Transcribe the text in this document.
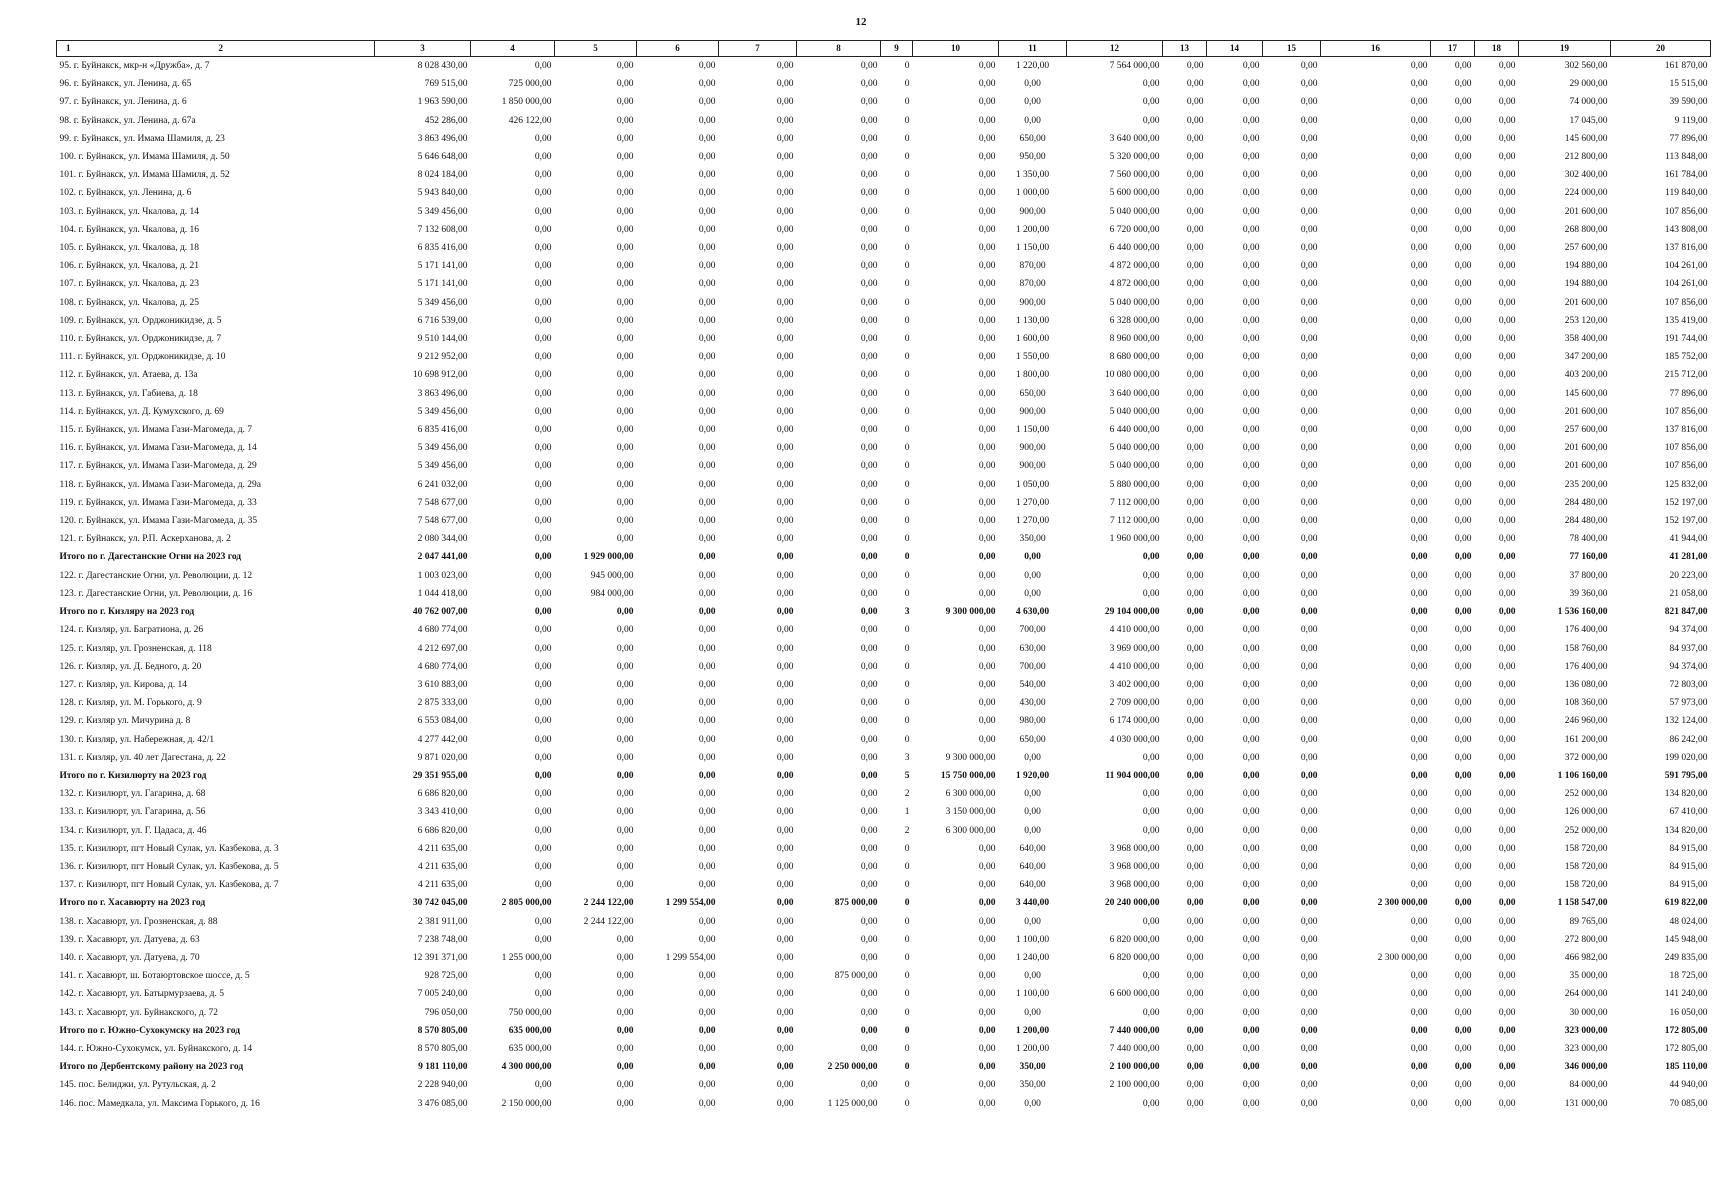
12
1 2	3	4	5	6	7	8	9	10	11	12	13	14	15	16	17	18	19	20
95. г. Буйнакск, мкр-н «Дружба», д. 7	8 028 430,00	0,00	0,00	0,00	0,00	0,00	0	0,00	1 220,00	7 564 000,00	0,00	0,00	0,00	0,00	0,00	0,00	302 560,00	161 870,00
96. г. Буйнакск, ул. Ленина, д. 65	769 515,00	725 000,00	0,00	0,00	0,00	0,00	0	0,00	0,00	0,00	0,00	0,00	0,00	0,00	0,00	0,00	29 000,00	15 515,00
97. г. Буйнакск, ул. Ленина, д. 6	1 963 590,00	1 850 000,00	0,00	0,00	0,00	0,00	0	0,00	0,00	0,00	0,00	0,00	0,00	0,00	0,00	0,00	74 000,00	39 590,00
98. г. Буйнакск, ул. Ленина, д. 67а	452 286,00	426 122,00	0,00	0,00	0,00	0,00	0	0,00	0,00	0,00	0,00	0,00	0,00	0,00	0,00	0,00	17 045,00	9 119,00
99. г. Буйнакск, ул. Имама Шамиля, д. 23	3 863 496,00	0,00	0,00	0,00	0,00	0,00	0	0,00	650,00	3 640 000,00	0,00	0,00	0,00	0,00	0,00	0,00	145 600,00	77 896,00
100. г. Буйнакск, ул. Имама Шамиля, д. 50	5 646 648,00	0,00	0,00	0,00	0,00	0,00	0	0,00	950,00	5 320 000,00	0,00	0,00	0,00	0,00	0,00	0,00	212 800,00	113 848,00
101. г. Буйнакск, ул. Имама Шамиля, д. 52	8 024 184,00	0,00	0,00	0,00	0,00	0,00	0	0,00	1 350,00	7 560 000,00	0,00	0,00	0,00	0,00	0,00	0,00	302 400,00	161 784,00
102. г. Буйнакск, ул. Ленина, д. 6	5 943 840,00	0,00	0,00	0,00	0,00	0,00	0	0,00	1 000,00	5 600 000,00	0,00	0,00	0,00	0,00	0,00	0,00	224 000,00	119 840,00
103. г. Буйнакск, ул. Чкалова, д. 14	5 349 456,00	0,00	0,00	0,00	0,00	0,00	0	0,00	900,00	5 040 000,00	0,00	0,00	0,00	0,00	0,00	0,00	201 600,00	107 856,00
104. г. Буйнакск, ул. Чкалова, д. 16	7 132 608,00	0,00	0,00	0,00	0,00	0,00	0	0,00	1 200,00	6 720 000,00	0,00	0,00	0,00	0,00	0,00	0,00	268 800,00	143 808,00
105. г. Буйнакск, ул. Чкалова, д. 18	6 835 416,00	0,00	0,00	0,00	0,00	0,00	0	0,00	1 150,00	6 440 000,00	0,00	0,00	0,00	0,00	0,00	0,00	257 600,00	137 816,00
106. г. Буйнакск, ул. Чкалова, д. 21	5 171 141,00	0,00	0,00	0,00	0,00	0,00	0	0,00	870,00	4 872 000,00	0,00	0,00	0,00	0,00	0,00	0,00	194 880,00	104 261,00
107. г. Буйнакск, ул. Чкалова, д. 23	5 171 141,00	0,00	0,00	0,00	0,00	0,00	0	0,00	870,00	4 872 000,00	0,00	0,00	0,00	0,00	0,00	0,00	194 880,00	104 261,00
108. г. Буйнакск, ул. Чкалова, д. 25	5 349 456,00	0,00	0,00	0,00	0,00	0,00	0	0,00	900,00	5 040 000,00	0,00	0,00	0,00	0,00	0,00	0,00	201 600,00	107 856,00
109. г. Буйнакск, ул. Орджоникидзе, д. 5	6 716 539,00	0,00	0,00	0,00	0,00	0,00	0	0,00	1 130,00	6 328 000,00	0,00	0,00	0,00	0,00	0,00	0,00	253 120,00	135 419,00
110. г. Буйнакск, ул. Орджоникидзе, д. 7	9 510 144,00	0,00	0,00	0,00	0,00	0,00	0	0,00	1 600,00	8 960 000,00	0,00	0,00	0,00	0,00	0,00	0,00	358 400,00	191 744,00
111. г. Буйнакск, ул. Орджоникидзе, д. 10	9 212 952,00	0,00	0,00	0,00	0,00	0,00	0	0,00	1 550,00	8 680 000,00	0,00	0,00	0,00	0,00	0,00	0,00	347 200,00	185 752,00
112. г. Буйнакск, ул. Атаева, д. 13а	10 698 912,00	0,00	0,00	0,00	0,00	0,00	0	0,00	1 800,00	10 080 000,00	0,00	0,00	0,00	0,00	0,00	0,00	403 200,00	215 712,00
113. г. Буйнакск, ул. Габиева, д. 18	3 863 496,00	0,00	0,00	0,00	0,00	0,00	0	0,00	650,00	3 640 000,00	0,00	0,00	0,00	0,00	0,00	0,00	145 600,00	77 896,00
114. г. Буйнакск, ул. Д. Кумухского, д. 69	5 349 456,00	0,00	0,00	0,00	0,00	0,00	0	0,00	900,00	5 040 000,00	0,00	0,00	0,00	0,00	0,00	0,00	201 600,00	107 856,00
115. г. Буйнакск, ул. Имама Гази-Магомеда, д. 7	6 835 416,00	0,00	0,00	0,00	0,00	0,00	0	0,00	1 150,00	6 440 000,00	0,00	0,00	0,00	0,00	0,00	0,00	257 600,00	137 816,00
116. г. Буйнакск, ул. Имама Гази-Магомеда, д. 14	5 349 456,00	0,00	0,00	0,00	0,00	0,00	0	0,00	900,00	5 040 000,00	0,00	0,00	0,00	0,00	0,00	0,00	201 600,00	107 856,00
117. г. Буйнакск, ул. Имама Гази-Магомеда, д. 29	5 349 456,00	0,00	0,00	0,00	0,00	0,00	0	0,00	900,00	5 040 000,00	0,00	0,00	0,00	0,00	0,00	0,00	201 600,00	107 856,00
118. г. Буйнакск, ул. Имама Гази-Магомеда, д. 29а	6 241 032,00	0,00	0,00	0,00	0,00	0,00	0	0,00	1 050,00	5 880 000,00	0,00	0,00	0,00	0,00	0,00	0,00	235 200,00	125 832,00
119. г. Буйнакск, ул. Имама Гази-Магомеда, д. 33	7 548 677,00	0,00	0,00	0,00	0,00	0,00	0	0,00	1 270,00	7 112 000,00	0,00	0,00	0,00	0,00	0,00	0,00	284 480,00	152 197,00
120. г. Буйнакск, ул. Имама Гази-Магомеда, д. 35	7 548 677,00	0,00	0,00	0,00	0,00	0,00	0	0,00	1 270,00	7 112 000,00	0,00	0,00	0,00	0,00	0,00	0,00	284 480,00	152 197,00
121. г. Буйнакск, ул. Р.П. Аскерханова, д. 2	2 080 344,00	0,00	0,00	0,00	0,00	0,00	0	0,00	350,00	1 960 000,00	0,00	0,00	0,00	0,00	0,00	0,00	78 400,00	41 944,00
Итого по г. Дагестанские Огни на 2023 год	2 047 441,00	0,00	1 929 000,00	0,00	0,00	0,00	0	0,00	0,00	0,00	0,00	0,00	0,00	0,00	0,00	0,00	77 160,00	41 281,00
122. г. Дагестанские Огни, ул. Революции, д. 12	1 003 023,00	0,00	945 000,00	0,00	0,00	0,00	0	0,00	0,00	0,00	0,00	0,00	0,00	0,00	0,00	0,00	37 800,00	20 223,00
123. г. Дагестанские Огни, ул. Революции, д. 16	1 044 418,00	0,00	984 000,00	0,00	0,00	0,00	0	0,00	0,00	0,00	0,00	0,00	0,00	0,00	0,00	0,00	39 360,00	21 058,00
Итого по г. Кизляру на 2023 год	40 762 007,00	0,00	0,00	0,00	0,00	0,00	3	9 300 000,00	4 630,00	29 104 000,00	0,00	0,00	0,00	0,00	0,00	0,00	1 536 160,00	821 847,00
124. г. Кизляр, ул. Багратиона, д. 26	4 680 774,00	0,00	0,00	0,00	0,00	0,00	0	0,00	700,00	4 410 000,00	0,00	0,00	0,00	0,00	0,00	0,00	176 400,00	94 374,00
125. г. Кизляр, ул. Грозненская, д. 118	4 212 697,00	0,00	0,00	0,00	0,00	0,00	0	0,00	630,00	3 969 000,00	0,00	0,00	0,00	0,00	0,00	0,00	158 760,00	84 937,00
126. г. Кизляр, ул. Д. Бедного, д. 20	4 680 774,00	0,00	0,00	0,00	0,00	0,00	0	0,00	700,00	4 410 000,00	0,00	0,00	0,00	0,00	0,00	0,00	176 400,00	94 374,00
127. г. Кизляр, ул. Кирова, д. 14	3 610 883,00	0,00	0,00	0,00	0,00	0,00	0	0,00	540,00	3 402 000,00	0,00	0,00	0,00	0,00	0,00	0,00	136 080,00	72 803,00
128. г. Кизляр, ул. М. Горького, д. 9	2 875 333,00	0,00	0,00	0,00	0,00	0,00	0	0,00	430,00	2 709 000,00	0,00	0,00	0,00	0,00	0,00	0,00	108 360,00	57 973,00
129. г. Кизляр ул. Мичурина д. 8	6 553 084,00	0,00	0,00	0,00	0,00	0,00	0	0,00	980,00	6 174 000,00	0,00	0,00	0,00	0,00	0,00	0,00	246 960,00	132 124,00
130. г. Кизляр, ул. Набережная, д. 42/1	4 277 442,00	0,00	0,00	0,00	0,00	0,00	0	0,00	650,00	4 030 000,00	0,00	0,00	0,00	0,00	0,00	0,00	161 200,00	86 242,00
131. г. Кизляр, ул. 40 лет Дагестана, д. 22	9 871 020,00	0,00	0,00	0,00	0,00	0,00	3	9 300 000,00	0,00	0,00	0,00	0,00	0,00	0,00	0,00	0,00	372 000,00	199 020,00
Итого по г. Кизилюрту на 2023 год	29 351 955,00	0,00	0,00	0,00	0,00	0,00	5	15 750 000,00	1 920,00	11 904 000,00	0,00	0,00	0,00	0,00	0,00	0,00	1 106 160,00	591 795,00
132. г. Кизилюрт, ул. Гагарина, д. 68	6 686 820,00	0,00	0,00	0,00	0,00	0,00	2	6 300 000,00	0,00	0,00	0,00	0,00	0,00	0,00	0,00	0,00	252 000,00	134 820,00
133. г. Кизилюрт, ул. Гагарина, д. 56	3 343 410,00	0,00	0,00	0,00	0,00	0,00	1	3 150 000,00	0,00	0,00	0,00	0,00	0,00	0,00	0,00	0,00	126 000,00	67 410,00
134. г. Кизилюрт, ул. Г. Цадаса, д. 46	6 686 820,00	0,00	0,00	0,00	0,00	0,00	2	6 300 000,00	0,00	0,00	0,00	0,00	0,00	0,00	0,00	0,00	252 000,00	134 820,00
135. г. Кизилюрт, пгт Новый Сулак, ул. Казбекова, д. 3	4 211 635,00	0,00	0,00	0,00	0,00	0,00	0	0,00	640,00	3 968 000,00	0,00	0,00	0,00	0,00	0,00	0,00	158 720,00	84 915,00
136. г. Кизилюрт, пгт Новый Сулак, ул. Казбекова, д. 5	4 211 635,00	0,00	0,00	0,00	0,00	0,00	0	0,00	640,00	3 968 000,00	0,00	0,00	0,00	0,00	0,00	0,00	158 720,00	84 915,00
137. г. Кизилюрт, пгт Новый Сулак, ул. Казбекова, д. 7	4 211 635,00	0,00	0,00	0,00	0,00	0,00	0	0,00	640,00	3 968 000,00	0,00	0,00	0,00	0,00	0,00	0,00	158 720,00	84 915,00
Итого по г. Хасавюрту на 2023 год	30 742 045,00	2 805 000,00	2 244 122,00	1 299 554,00	0,00	875 000,00	0	0,00	3 440,00	20 240 000,00	0,00	0,00	0,00	2 300 000,00	0,00	0,00	1 158 547,00	619 822,00
138. г. Хасавюрт, ул. Грозненская, д. 88	2 381 911,00	0,00	2 244 122,00	0,00	0,00	0,00	0	0,00	0,00	0,00	0,00	0,00	0,00	0,00	0,00	0,00	89 765,00	48 024,00
139. г. Хасавюрт, ул. Датуева, д. 63	7 238 748,00	0,00	0,00	0,00	0,00	0,00	0	0,00	1 100,00	6 820 000,00	0,00	0,00	0,00	0,00	0,00	0,00	272 800,00	145 948,00
140. г. Хасавюрт, ул. Датуева, д. 70	12 391 371,00	1 255 000,00	0,00	1 299 554,00	0,00	0,00	0	0,00	1 240,00	6 820 000,00	0,00	0,00	0,00	2 300 000,00	0,00	0,00	466 982,00	249 835,00
141. г. Хасавюрт, ш. Ботаюртовское шоссе, д. 5	928 725,00	0,00	0,00	0,00	0,00	875 000,00	0	0,00	0,00	0,00	0,00	0,00	0,00	0,00	0,00	0,00	35 000,00	18 725,00
142. г. Хасавюрт, ул. Батырмурзаева, д. 5	7 005 240,00	0,00	0,00	0,00	0,00	0,00	0	0,00	1 100,00	6 600 000,00	0,00	0,00	0,00	0,00	0,00	0,00	264 000,00	141 240,00
143. г. Хасавюрт, ул. Буйнакского, д. 72	796 050,00	750 000,00	0,00	0,00	0,00	0,00	0	0,00	0,00	0,00	0,00	0,00	0,00	0,00	0,00	0,00	30 000,00	16 050,00
Итого по г. Южно-Сухокумску на 2023 год	8 570 805,00	635 000,00	0,00	0,00	0,00	0,00	0	0,00	1 200,00	7 440 000,00	0,00	0,00	0,00	0,00	0,00	0,00	323 000,00	172 805,00
144. г. Южно-Сухокумск, ул. Буйнакского, д. 14	8 570 805,00	635 000,00	0,00	0,00	0,00	0,00	0	0,00	1 200,00	7 440 000,00	0,00	0,00	0,00	0,00	0,00	0,00	323 000,00	172 805,00
Итого по Дербентскому району на 2023 год	9 181 110,00	4 300 000,00	0,00	0,00	0,00	2 250 000,00	0	0,00	350,00	2 100 000,00	0,00	0,00	0,00	0,00	0,00	0,00	346 000,00	185 110,00
145. пос. Белиджи, ул. Рутульская, д. 2	2 228 940,00	0,00	0,00	0,00	0,00	0,00	0	0,00	350,00	2 100 000,00	0,00	0,00	0,00	0,00	0,00	0,00	84 000,00	44 940,00
146. пос. Мамедкала, ул. Максима Горького, д. 16	3 476 085,00	2 150 000,00	0,00	0,00	0,00	1 125 000,00	0	0,00	0,00	0,00	0,00	0,00	0,00	0,00	0,00	0,00	131 000,00	70 085,00
